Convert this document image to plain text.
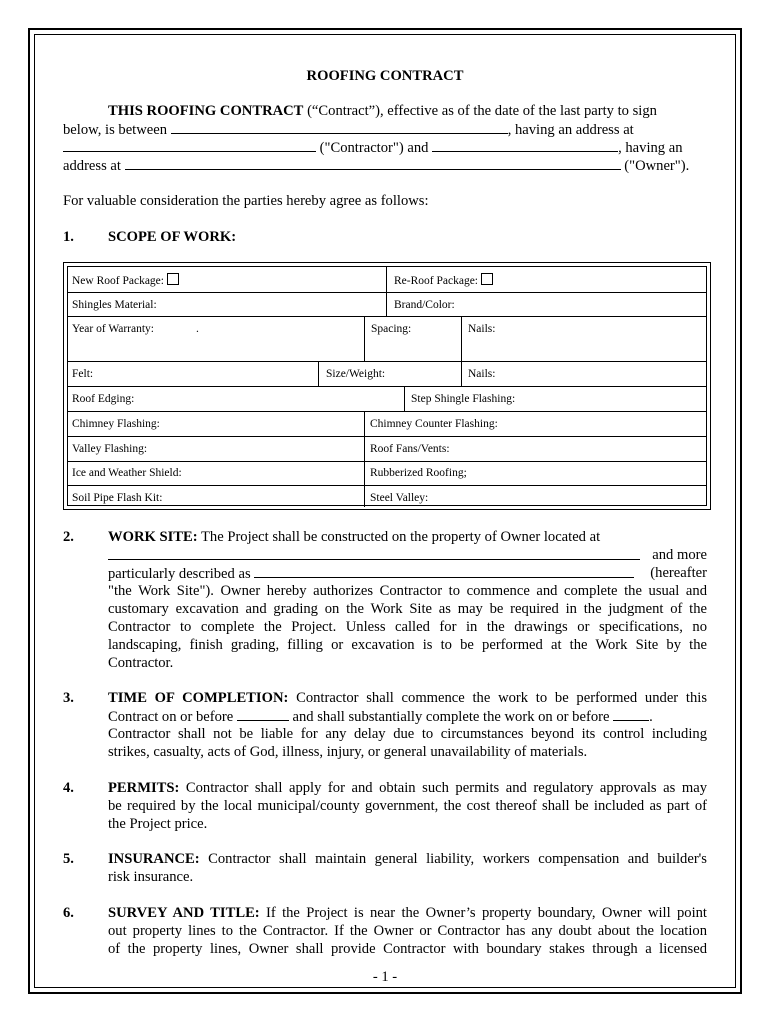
ROOFING CONTRACT
THIS ROOFING CONTRACT (“Contract”), effective as of the date of the last party to sign
below, is between	, having an address at
("Contractor") and	, having an
address at	("Owner").
For valuable consideration the parties hereby agree as follows:
1. SCOPE OF WORK:
New Roof Package:	Re-Roof Package:
Shingles Material:	Brand/Color:
Year of Warranty:	.	Spacing:	Nails:
Felt:	Size/Weight:	Nails:
Roof Edging:	Step Shingle Flashing:
Chimney Flashing:	Chimney Counter Flashing:
Valley Flashing:	Roof Fans/Vents:
Ice and Weather Shield:	Rubberized Roofing;
Soil Pipe Flash Kit:	Steel Valley:
2. WORK SITE: The Project shall be constructed on the property of Owner located at
and more
particularly described as	(hereafter
"the Work Site"). Owner hereby authorizes Contractor to commence and complete the usual and
customary excavation and grading on the Work Site as may be required in the judgment of the
Contractor to complete the Project. Unless called for in the drawings or specifications, no
landscaping, finish grading, filling or excavation is to be performed at the Work Site by the
Contractor.
3. TIME OF COMPLETION: Contractor shall commence the work to be performed under this
Contract on or before	and shall substantially complete the work on or before	.
Contractor shall not be liable for any delay due to circumstances beyond its control including
strikes, casualty, acts of God, illness, injury, or general unavailability of materials.
4. PERMITS: Contractor shall apply for and obtain such permits and regulatory approvals as may
be required by the local municipal/county government, the cost thereof shall be included as part of
the Project price.
5. INSURANCE: Contractor shall maintain general liability, workers compensation and builder's
risk insurance.
6. SURVEY AND TITLE: If the Project is near the Owner’s property boundary, Owner will point
out property lines to the Contractor. If the Owner or Contractor has any doubt about the location
of the property lines, Owner shall provide Contractor with boundary stakes through a licensed
- 1 -
